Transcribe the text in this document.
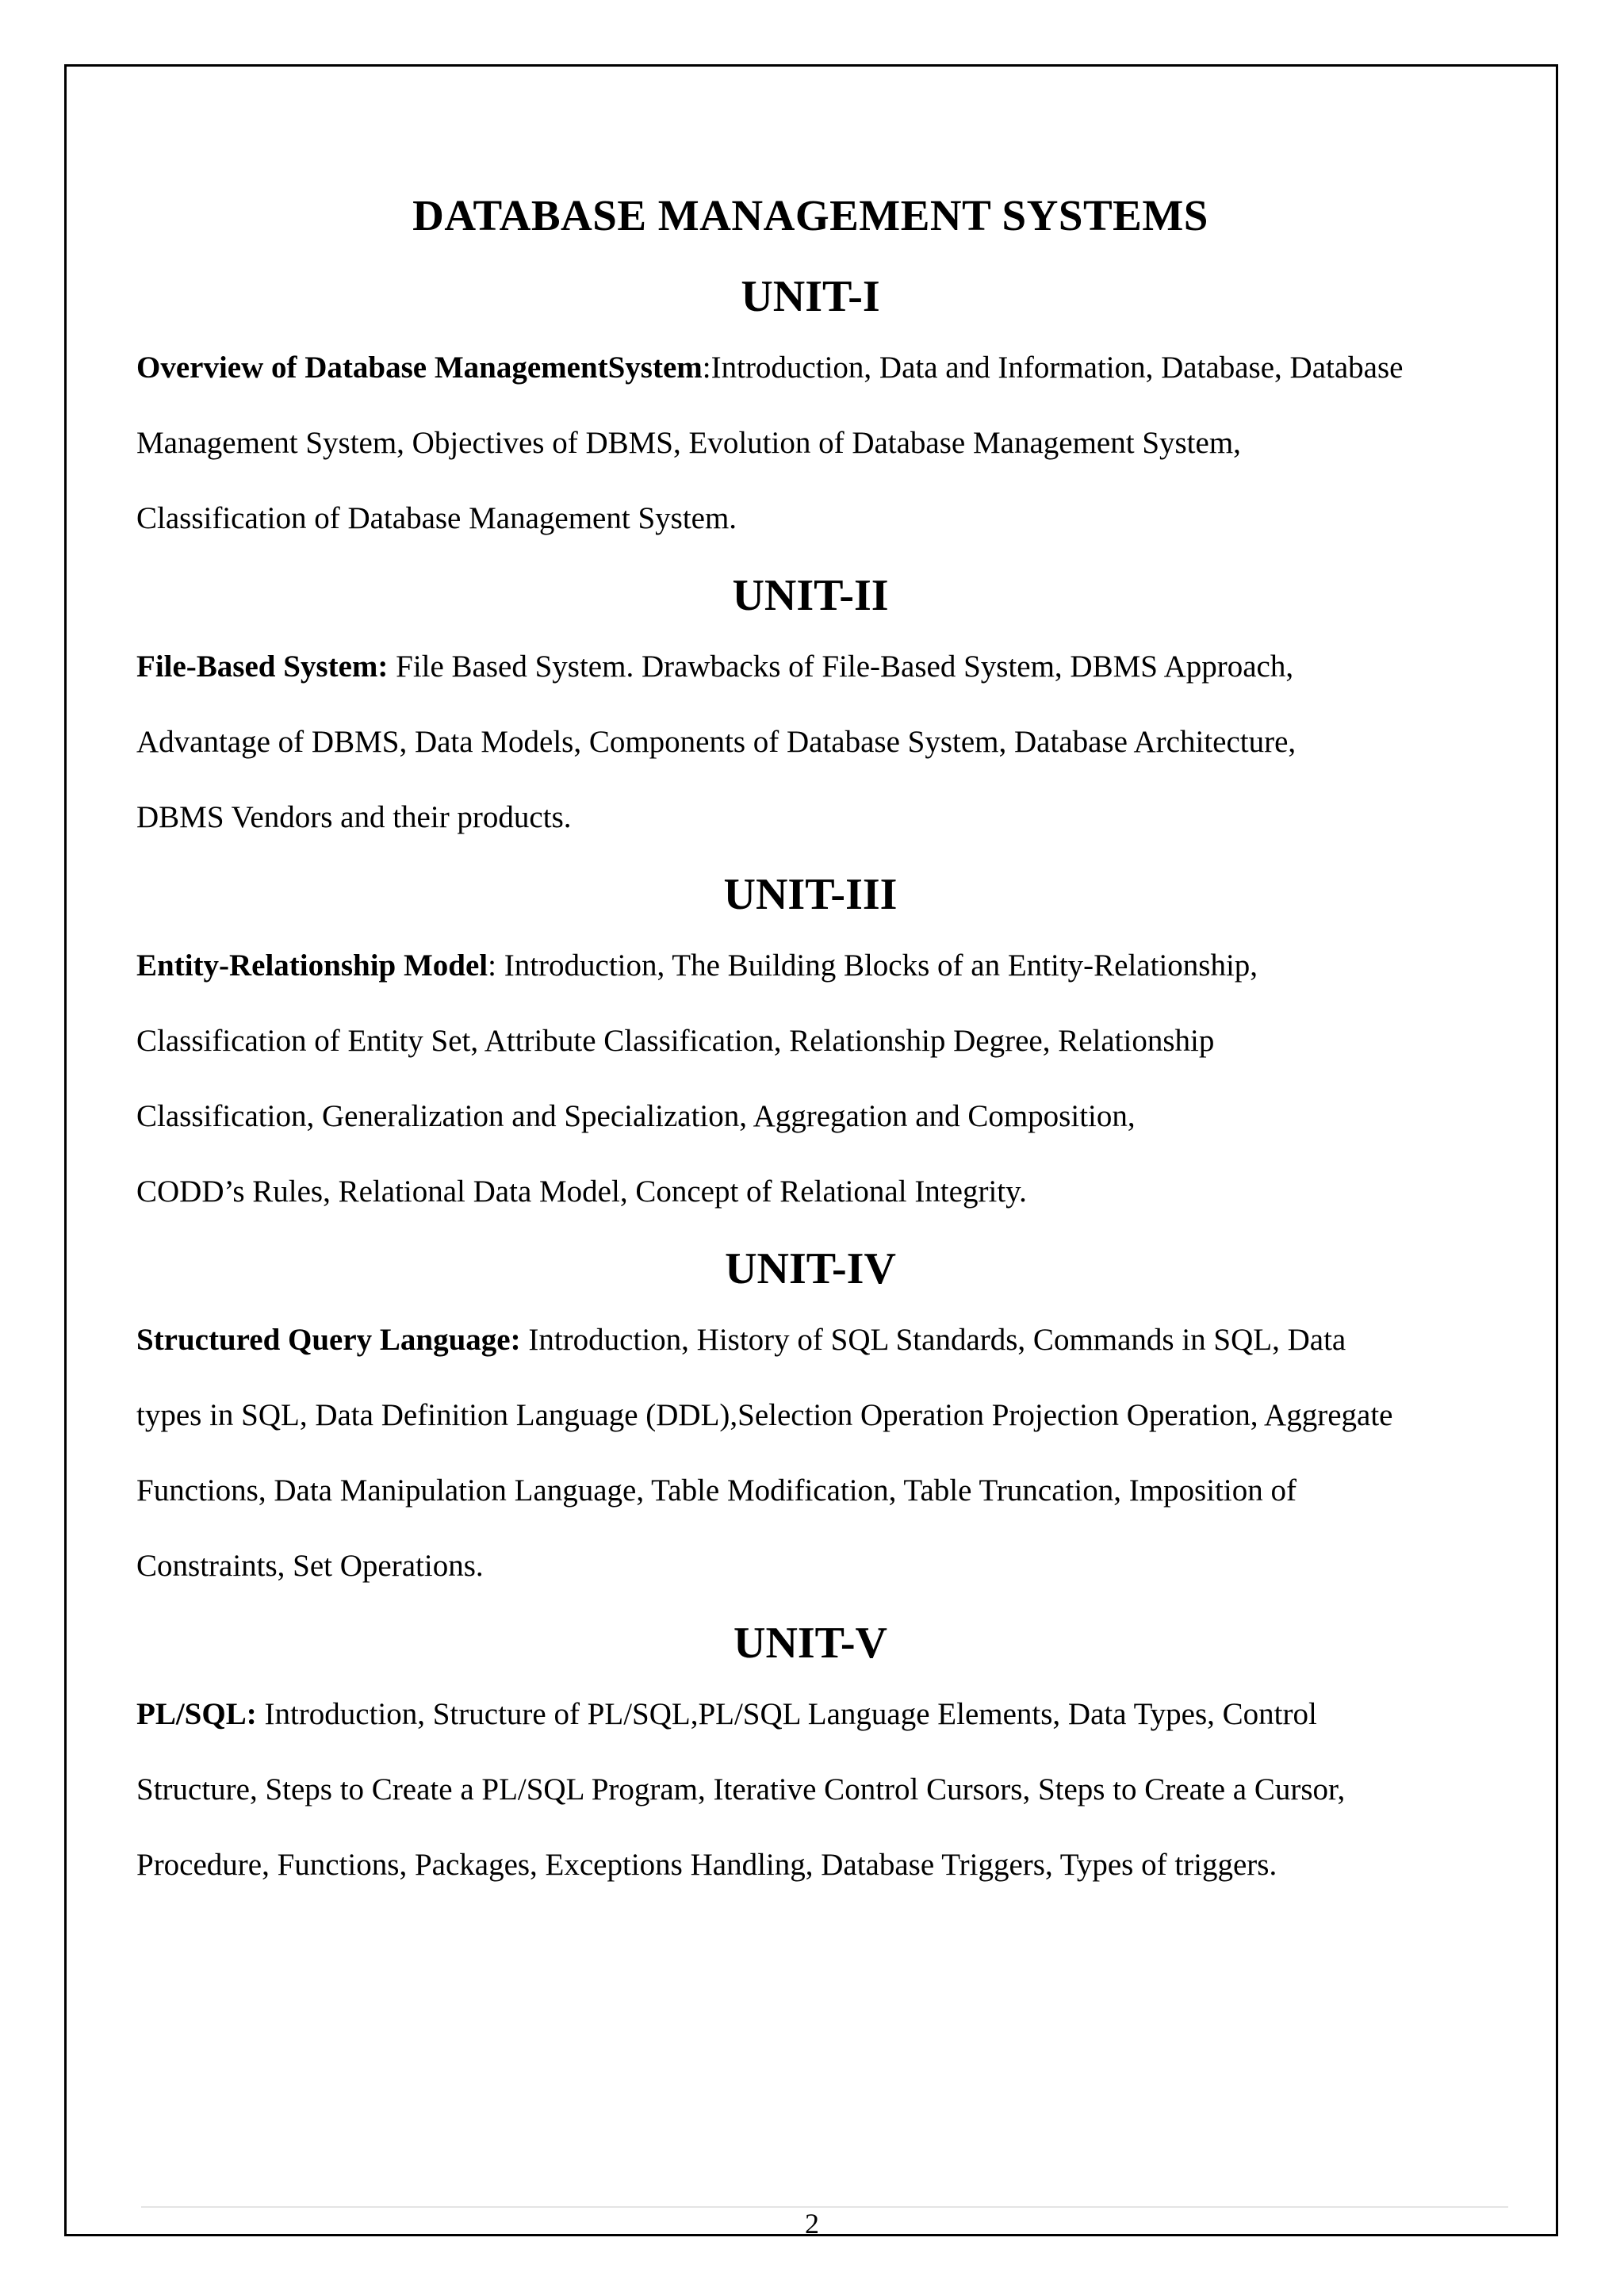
DATABASE MANAGEMENT SYSTEMS
UNIT-I

Overview of Database ManagementSystem:Introduction, Data and Information, Database, Database
Management System, Objectives of DBMS, Evolution of Database Management System,
Classification of Database Management System.

UNIT-II

File-Based System: File Based System. Drawbacks of File-Based System, DBMS Approach,
Advantage of DBMS, Data Models, Components of Database System, Database Architecture,
DBMS Vendors and their products.

UNIT-III

Entity-Relationship Model: Introduction, The Building Blocks of an Entity-Relationship,
Classification of Entity Set, Attribute Classification, Relationship Degree, Relationship
Classification, Generalization and Specialization, Aggregation and Composition,
CODD’s Rules, Relational Data Model, Concept of Relational Integrity.

UNIT-IV

Structured Query Language: Introduction, History of SQL Standards, Commands in SQL, Data
types in SQL, Data Definition Language (DDL),Selection Operation Projection Operation, Aggregate
Functions, Data Manipulation Language, Table Modification, Table Truncation, Imposition of
Constraints, Set Operations.

UNIT-V

PL/SQL: Introduction, Structure of PL/SQL,PL/SQL Language Elements, Data Types, Control
Structure, Steps to Create a PL/SQL Program, Iterative Control Cursors, Steps to Create a Cursor,
Procedure, Functions, Packages, Exceptions Handling, Database Triggers, Types of triggers.

2
